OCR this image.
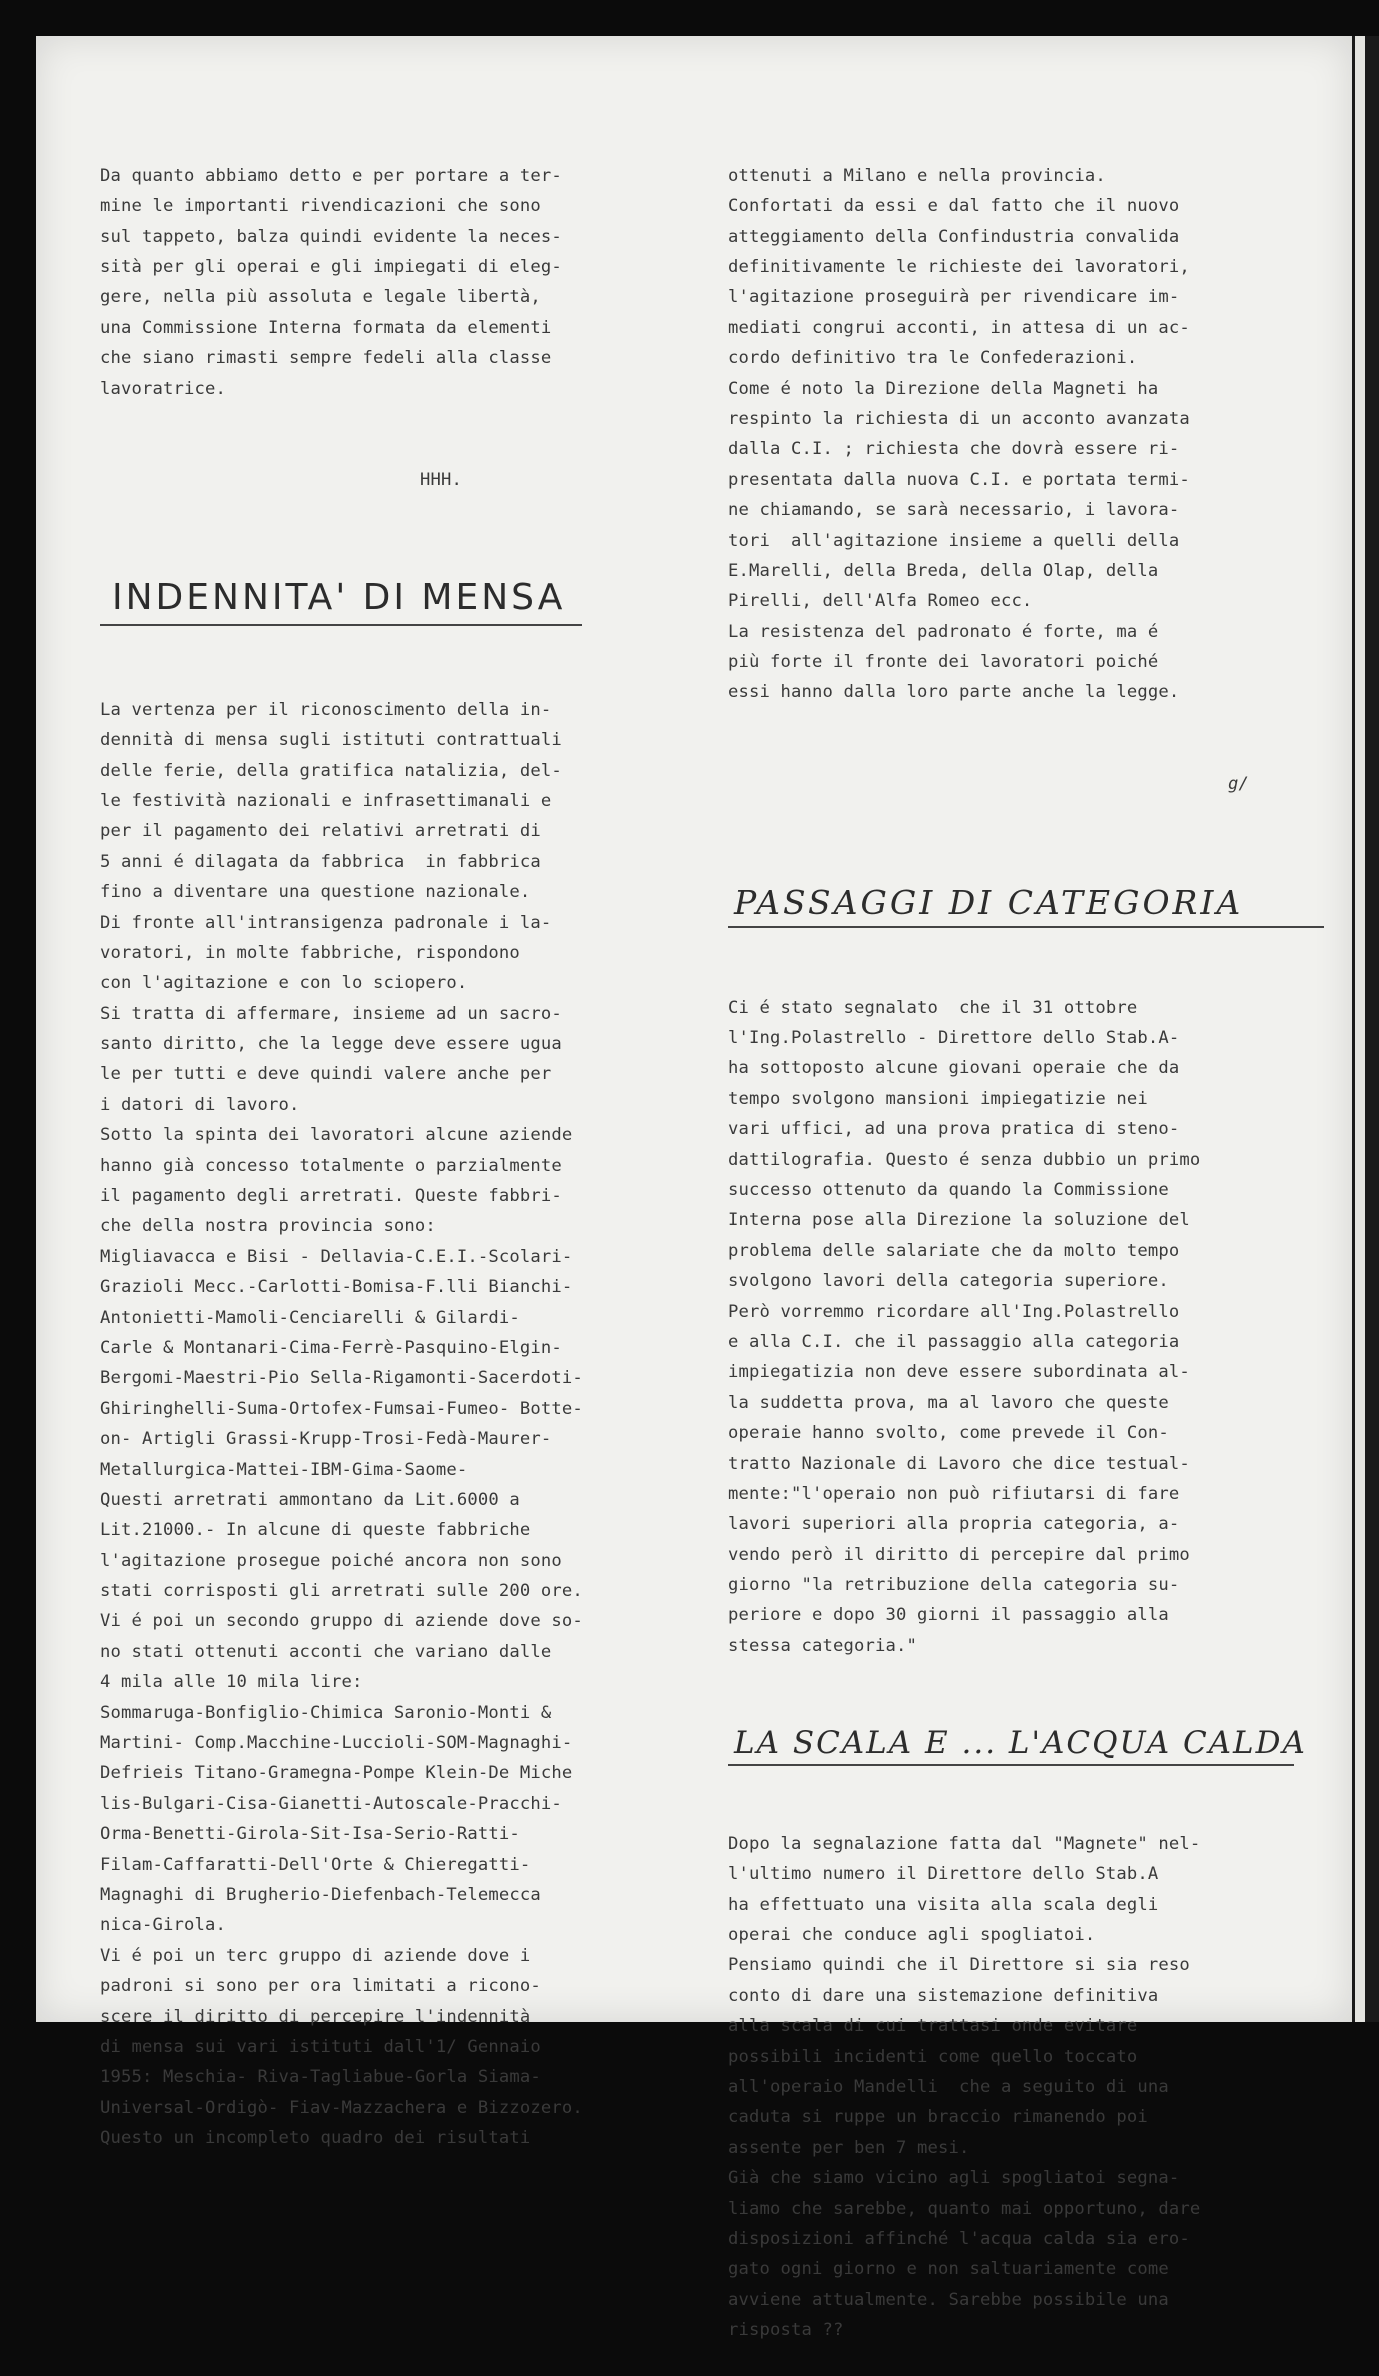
Da quanto abbiamo detto e per portare a ter-
mine le importanti rivendicazioni che sono
sul tappeto, balza quindi evidente la neces-
sità per gli operai e gli impiegati di eleg-
gere, nella più assoluta e legale libertà,
una Commissione Interna formata da elementi
che siano rimasti sempre fedeli alla classe
lavoratrice.

HHH.

INDENNITA' DI MENSA

La vertenza per il riconoscimento della in-
dennità di mensa sugli istituti contrattuali
delle ferie, della gratifica natalizia, del-
le festività nazionali e infrasettimanali e
per il pagamento dei relativi arretrati di
5 anni é dilagata da fabbrica  in fabbrica
fino a diventare una questione nazionale.
Di fronte all'intransigenza padronale i la-
voratori, in molte fabbriche, rispondono
con l'agitazione e con lo sciopero.
Si tratta di affermare, insieme ad un sacro-
santo diritto, che la legge deve essere ugua
le per tutti e deve quindi valere anche per
i datori di lavoro.
Sotto la spinta dei lavoratori alcune aziende
hanno già concesso totalmente o parzialmente
il pagamento degli arretrati. Queste fabbri-
che della nostra provincia sono:
Migliavacca e Bisi - Dellavia-C.E.I.-Scolari-
Grazioli Mecc.-Carlotti-Bomisa-F.lli Bianchi-
Antonietti-Mamoli-Cenciarelli & Gilardi-
Carle & Montanari-Cima-Ferrè-Pasquino-Elgin-
Bergomi-Maestri-Pio Sella-Rigamonti-Sacerdoti-
Ghiringhelli-Suma-Ortofex-Fumsai-Fumeo- Botte-
on- Artigli Grassi-Krupp-Trosi-Fedà-Maurer-
Metallurgica-Mattei-IBM-Gima-Saome-
Questi arretrati ammontano da Lit.6000 a
Lit.21000.- In alcune di queste fabbriche
l'agitazione prosegue poiché ancora non sono
stati corrisposti gli arretrati sulle 200 ore.
Vi é poi un secondo gruppo di aziende dove so-
no stati ottenuti acconti che variano dalle
4 mila alle 10 mila lire:
Sommaruga-Bonfiglio-Chimica Saronio-Monti &
Martini- Comp.Macchine-Luccioli-SOM-Magnaghi-
Defrieis Titano-Gramegna-Pompe Klein-De Miche
lis-Bulgari-Cisa-Gianetti-Autoscale-Pracchi-
Orma-Benetti-Girola-Sit-Isa-Serio-Ratti-
Filam-Caffaratti-Dell'Orte & Chieregatti-
Magnaghi di Brugherio-Diefenbach-Telemecca
nica-Girola.
Vi é poi un terc gruppo di aziende dove i
padroni si sono per ora limitati a ricono-
scere il diritto di percepire l'indennità
di mensa sui vari istituti dall'1/ Gennaio
1955: Meschia- Riva-Tagliabue-Gorla Siama-
Universal-Ordigò- Fiav-Mazzachera e Bizzozero.
Questo un incompleto quadro dei risultati

ottenuti a Milano e nella provincia.
Confortati da essi e dal fatto che il nuovo
atteggiamento della Confindustria convalida
definitivamente le richieste dei lavoratori,
l'agitazione proseguirà per rivendicare im-
mediati congrui acconti, in attesa di un ac-
cordo definitivo tra le Confederazioni.
Come é noto la Direzione della Magneti ha
respinto la richiesta di un acconto avanzata
dalla C.I. ; richiesta che dovrà essere ri-
presentata dalla nuova C.I. e portata termi-
ne chiamando, se sarà necessario, i lavora-
tori  all'agitazione insieme a quelli della
E.Marelli, della Breda, della Olap, della
Pirelli, dell'Alfa Romeo ecc.
La resistenza del padronato é forte, ma é
più forte il fronte dei lavoratori poiché
essi hanno dalla loro parte anche la legge.

g/

PASSAGGI DI CATEGORIA

Ci é stato segnalato  che il 31 ottobre
l'Ing.Polastrello - Direttore dello Stab.A-
ha sottoposto alcune giovani operaie che da
tempo svolgono mansioni impiegatizie nei
vari uffici, ad una prova pratica di steno-
dattilografia. Questo é senza dubbio un primo
successo ottenuto da quando la Commissione
Interna pose alla Direzione la soluzione del
problema delle salariate che da molto tempo
svolgono lavori della categoria superiore.
Però vorremmo ricordare all'Ing.Polastrello
e alla C.I. che il passaggio alla categoria
impiegatizia non deve essere subordinata al-
la suddetta prova, ma al lavoro che queste
operaie hanno svolto, come prevede il Con-
tratto Nazionale di Lavoro che dice testual-
mente:"l'operaio non può rifiutarsi di fare
lavori superiori alla propria categoria, a-
vendo però il diritto di percepire dal primo
giorno "la retribuzione della categoria su-
periore e dopo 30 giorni il passaggio alla
stessa categoria."

LA SCALA E ... L'ACQUA CALDA

Dopo la segnalazione fatta dal "Magnete" nel-
l'ultimo numero il Direttore dello Stab.A
ha effettuato una visita alla scala degli
operai che conduce agli spogliatoi.
Pensiamo quindi che il Direttore si sia reso
conto di dare una sistemazione definitiva
alla scala di cui trattasi onde evitare
possibili incidenti come quello toccato
all'operaio Mandelli  che a seguito di una
caduta si ruppe un braccio rimanendo poi
assente per ben 7 mesi.
Già che siamo vicino agli spogliatoi segna-
liamo che sarebbe, quanto mai opportuno, dare
disposizioni affinché l'acqua calda sia ero-
gato ogni giorno e non saltuariamente come
avviene attualmente. Sarebbe possibile una
risposta ??
